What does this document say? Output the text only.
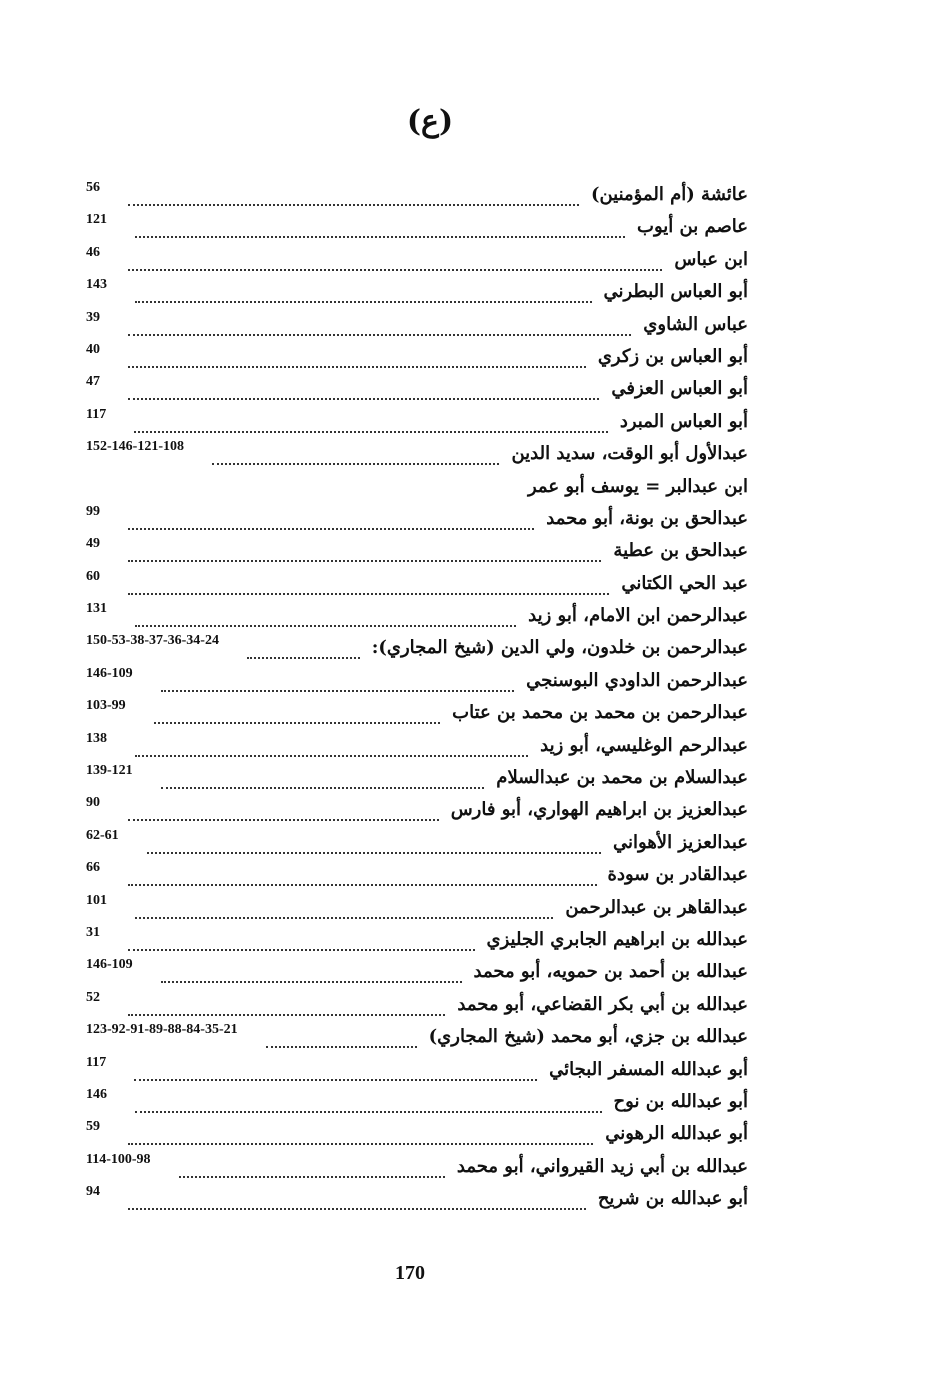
(ع)
56	عائشة (أم المؤمنين)
121	عاصم بن أيوب
46	ابن عباس
143	أبو العباس البطرني
39	عباس الشاوي
40	أبو العباس بن زكري
47	أبو العباس العزفي
117	أبو العباس المبرد
152-146-121-108	عبدالأول أبو الوقت، سديد الدين
ابن عبدالبر = يوسف أبو عمر
99	عبدالحق بن بونة، أبو محمد
49	عبدالحق بن عطية
60	عبد الحي الكتاني
131	عبدالرحمن ابن الامام، أبو زيد
150-53-38-37-36-34-24	عبدالرحمن بن خلدون، ولي الدين (شيخ المجاري):
146-109	عبدالرحمن الداودي البوسنجي
103-99	عبدالرحمن بن محمد بن محمد بن عتاب
138	عبدالرحم الوغليسي، أبو زيد
139-121	عبدالسلام بن محمد بن عبدالسلام
90	عبدالعزيز بن ابراهيم الهواري، أبو فارس
62-61	عبدالعزيز الأهواني
66	عبدالقادر بن سودة
101	عبدالقاهر بن عبدالرحمن
31	عبدالله بن ابراهيم الجابري الجليزي
146-109	عبدالله بن أحمد بن حمويه، أبو محمد
52	عبدالله بن أبي بكر القضاعي، أبو محمد
123-92-91-89-88-84-35-21	عبدالله بن جزي، أبو محمد (شيخ المجاري)
117	أبو عبدالله المسفر البجائي
146	أبو عبدالله بن نوح
59	أبو عبدالله الرهوني
114-100-98	عبدالله بن أبي زيد القيرواني، أبو محمد
94	أبو عبدالله بن شريح
170
